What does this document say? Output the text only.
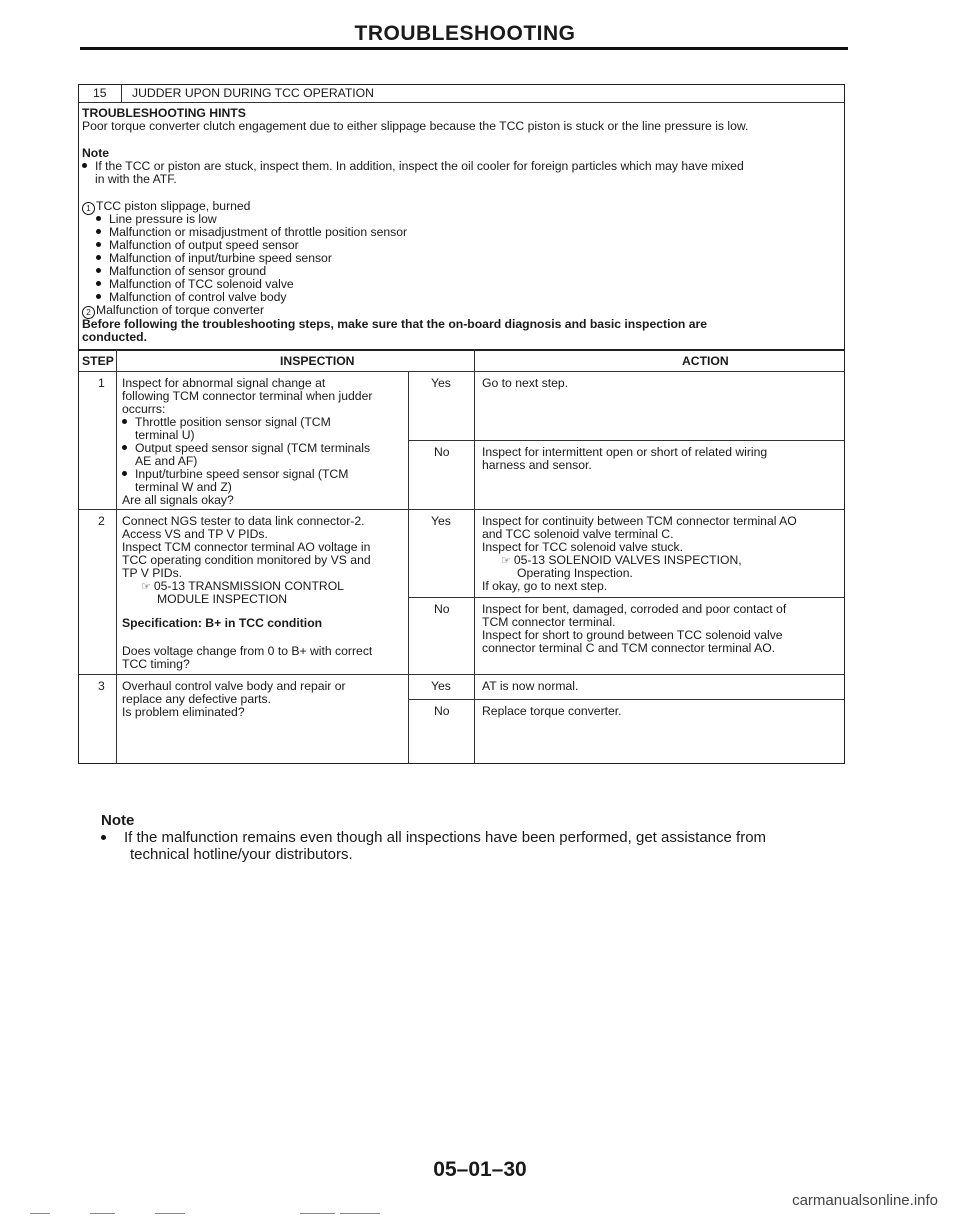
TROUBLESHOOTING
15 JUDDER UPON DURING TCC OPERATION
TROUBLESHOOTING HINTS
Poor torque converter clutch engagement due to either slippage because the TCC piston is stuck or the line pressure is low.
Note
If the TCC or piston are stuck, inspect them. In addition, inspect the oil cooler for foreign particles which may have mixed
in with the ATF.
1 TCC piston slippage, burned
Line pressure is low
Malfunction or misadjustment of throttle position sensor
Malfunction of output speed sensor
Malfunction of input/turbine speed sensor
Malfunction of sensor ground
Malfunction of TCC solenoid valve
Malfunction of control valve body
2 Malfunction of torque converter
Before following the troubleshooting steps, make sure that the on-board diagnosis and basic inspection are
conducted.
STEP	INSPECTION	ACTION
1 Inspect for abnormal signal change at
following TCM connector terminal when judder
occurrs:
Throttle position sensor signal (TCM
terminal U)
Output speed sensor signal (TCM terminals
AE and AF)
Input/turbine speed sensor signal (TCM
terminal W and Z)
Are all signals okay?
Yes	Go to next step.
No	Inspect for intermittent open or short of related wiring
harness and sensor.
2 Connect NGS tester to data link connector-2.
Access VS and TP V PIDs.
Inspect TCM connector terminal AO voltage in
TCC operating condition monitored by VS and
TP V PIDs.
☞ 05-13 TRANSMISSION CONTROL
MODULE INSPECTION
Specification: B+ in TCC condition
Does voltage change from 0 to B+ with correct
TCC timing?
Yes	Inspect for continuity between TCM connector terminal AO
and TCC solenoid valve terminal C.
Inspect for TCC solenoid valve stuck.
☞ 05-13 SOLENOID VALVES INSPECTION,
Operating Inspection.
If okay, go to next step.
No	Inspect for bent, damaged, corroded and poor contact of
TCM connector terminal.
Inspect for short to ground between TCC solenoid valve
connector terminal C and TCM connector terminal AO.
3 Overhaul control valve body and repair or
replace any defective parts.
Is problem eliminated?
Yes	AT is now normal.
No	Replace torque converter.
Note
If the malfunction remains even though all inspections have been performed, get assistance from
technical hotline/your distributors.
05–01–30
carmanualsonline.info
